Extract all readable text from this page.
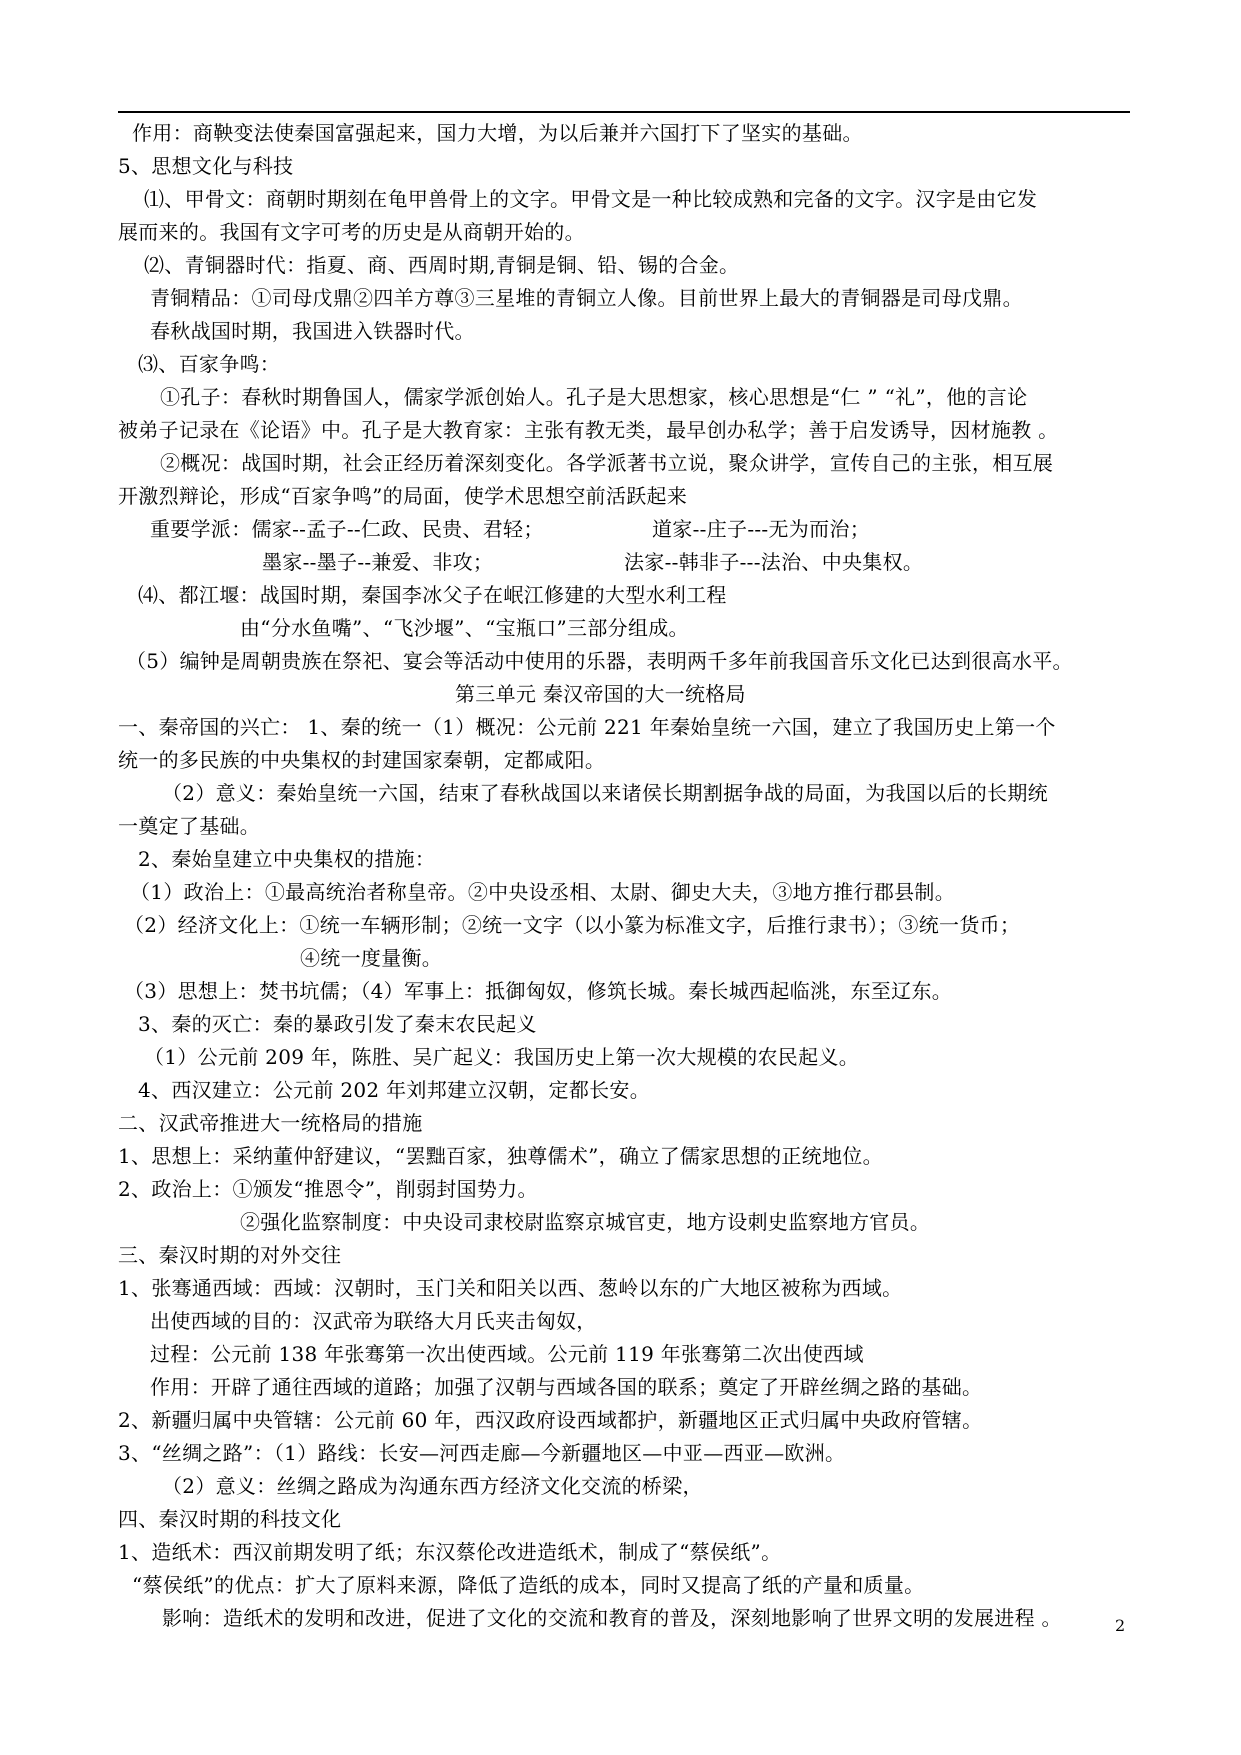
作用：商鞅变法使秦国富强起来，国力大增，为以后兼并六国打下了坚实的基础。
5、思想文化与科技
⑴、甲骨文：商朝时期刻在龟甲兽骨上的文字。甲骨文是一种比较成熟和完备的文字。汉字是由它发
展而来的。我国有文字可考的历史是从商朝开始的。
⑵、青铜器时代：指夏、商、西周时期,青铜是铜、铅、锡的合金。
青铜精品：①司母戊鼎②四羊方尊③三星堆的青铜立人像。目前世界上最大的青铜器是司母戊鼎。
春秋战国时期，我国进入铁器时代。
⑶、百家争鸣：
①孔子：春秋时期鲁国人，儒家学派创始人。孔子是大思想家，核心思想是“仁 ” “礼”，他的言论
被弟子记录在《论语》中。孔子是大教育家：主张有教无类，最早创办私学；善于启发诱导，因材施教 。
②概况：战国时期，社会正经历着深刻变化。各学派著书立说，聚众讲学，宣传自己的主张，相互展
开激烈辩论，形成“百家争鸣”的局面，使学术思想空前活跃起来
重要学派：儒家--孟子--仁政、民贵、君轻；	道家--庄子---无为而治；
墨家--墨子--兼爱、非攻；	法家--韩非子---法治、中央集权。
⑷、都江堰：战国时期，秦国李冰父子在岷江修建的大型水利工程
由“分水鱼嘴”、“飞沙堰”、“宝瓶口”三部分组成。
（5）编钟是周朝贵族在祭祀、宴会等活动中使用的乐器，表明两千多年前我国音乐文化已达到很高水平。
第三单元 秦汉帝国的大一统格局
一、秦帝国的兴亡： 1、秦的统一（1）概况：公元前 221 年秦始皇统一六国，建立了我国历史上第一个
统一的多民族的中央集权的封建国家秦朝，定都咸阳。
（2）意义：秦始皇统一六国，结束了春秋战国以来诸侯长期割据争战的局面，为我国以后的长期统
一奠定了基础。
2、秦始皇建立中央集权的措施：
（1）政治上：①最高统治者称皇帝。②中央设丞相、太尉、御史大夫，③地方推行郡县制。
（2）经济文化上：①统一车辆形制；②统一文字（以小篆为标准文字，后推行隶书）；③统一货币；
④统一度量衡。
（3）思想上：焚书坑儒；（4）军事上：抵御匈奴，修筑长城。秦长城西起临洮，东至辽东。
3、秦的灭亡：秦的暴政引发了秦末农民起义
（1）公元前 209 年，陈胜、吴广起义：我国历史上第一次大规模的农民起义。
4、西汉建立：公元前 202 年刘邦建立汉朝，定都长安。
二、汉武帝推进大一统格局的措施
1、思想上：采纳董仲舒建议，“罢黜百家，独尊儒术”，确立了儒家思想的正统地位。
2、政治上：①颁发“推恩令”，削弱封国势力。
②强化监察制度：中央设司隶校尉监察京城官吏，地方设刺史监察地方官员。
三、秦汉时期的对外交往
1、张骞通西域：西域：汉朝时，玉门关和阳关以西、葱岭以东的广大地区被称为西域。
出使西域的目的：汉武帝为联络大月氏夹击匈奴，
过程：公元前 138 年张骞第一次出使西域。公元前 119 年张骞第二次出使西域
作用：开辟了通往西域的道路；加强了汉朝与西域各国的联系；奠定了开辟丝绸之路的基础。
2、新疆归属中央管辖：公元前 60 年，西汉政府设西域都护，新疆地区正式归属中央政府管辖。
3、“丝绸之路”：（1）路线：长安—河西走廊—今新疆地区—中亚—西亚—欧洲。
（2）意义：丝绸之路成为沟通东西方经济文化交流的桥梁，
四、秦汉时期的科技文化
1、造纸术：西汉前期发明了纸；东汉蔡伦改进造纸术，制成了“蔡侯纸”。
“蔡侯纸”的优点：扩大了原料来源，降低了造纸的成本，同时又提高了纸的产量和质量。
影响：造纸术的发明和改进，促进了文化的交流和教育的普及，深刻地影响了世界文明的发展进程 。	2
